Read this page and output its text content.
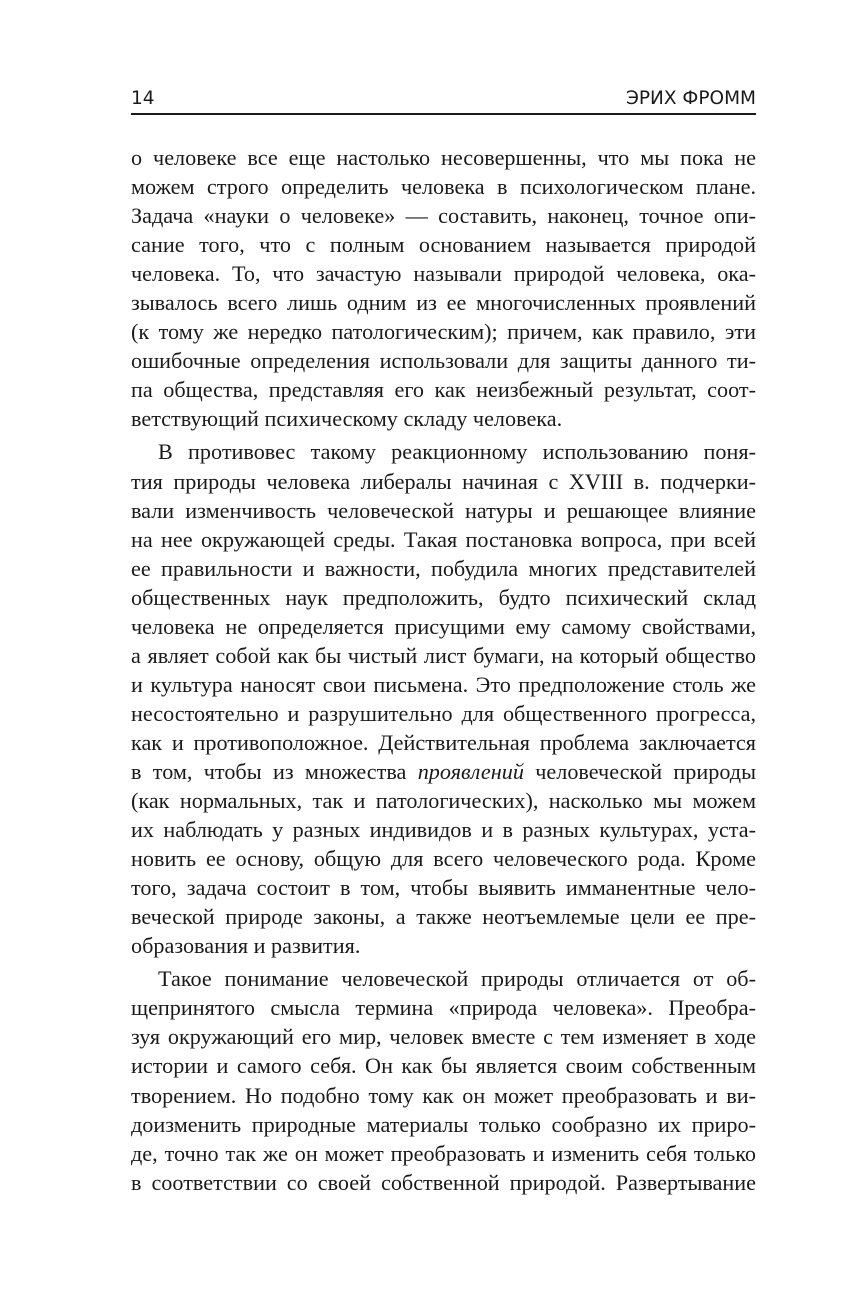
14	ЭРИХ ФРОММ
о человеке все еще настолько несовершенны, что мы пока не
можем строго определить человека в психологическом плане.
Задача «науки о человеке» — составить, наконец, точное опи-
сание того, что с полным основанием называется природой
человека. То, что зачастую называли природой человека, ока-
зывалось всего лишь одним из ее многочисленных проявлений
(к тому же нередко патологическим); причем, как правило, эти
ошибочные определения использовали для защиты данного ти-
па общества, представляя его как неизбежный результат, соот-
ветствующий психическому складу человека.
В противовес такому реакционному использованию поня-
тия природы человека либералы начиная с XVIII в. подчерки-
вали изменчивость человеческой натуры и решающее влияние
на нее окружающей среды. Такая постановка вопроса, при всей
ее правильности и важности, побудила многих представителей
общественных наук предположить, будто психический склад
человека не определяется присущими ему самому свойствами,
а являет собой как бы чистый лист бумаги, на который общество
и культура наносят свои письмена. Это предположение столь же
несостоятельно и разрушительно для общественного прогресса,
как и противоположное. Действительная проблема заключается
в том, чтобы из множества проявлений человеческой природы
(как нормальных, так и патологических), насколько мы можем
их наблюдать у разных индивидов и в разных культурах, уста-
новить ее основу, общую для всего человеческого рода. Кроме
того, задача состоит в том, чтобы выявить имманентные чело-
веческой природе законы, а также неотъемлемые цели ее пре-
образования и развития.
Такое понимание человеческой природы отличается от об-
щепринятого смысла термина «природа человека». Преобра-
зуя окружающий его мир, человек вместе с тем изменяет в ходе
истории и самого себя. Он как бы является своим собственным
творением. Но подобно тому как он может преобразовать и ви-
доизменить природные материалы только сообразно их приро-
де, точно так же он может преобразовать и изменить себя только
в соответствии со своей собственной природой. Развертывание
